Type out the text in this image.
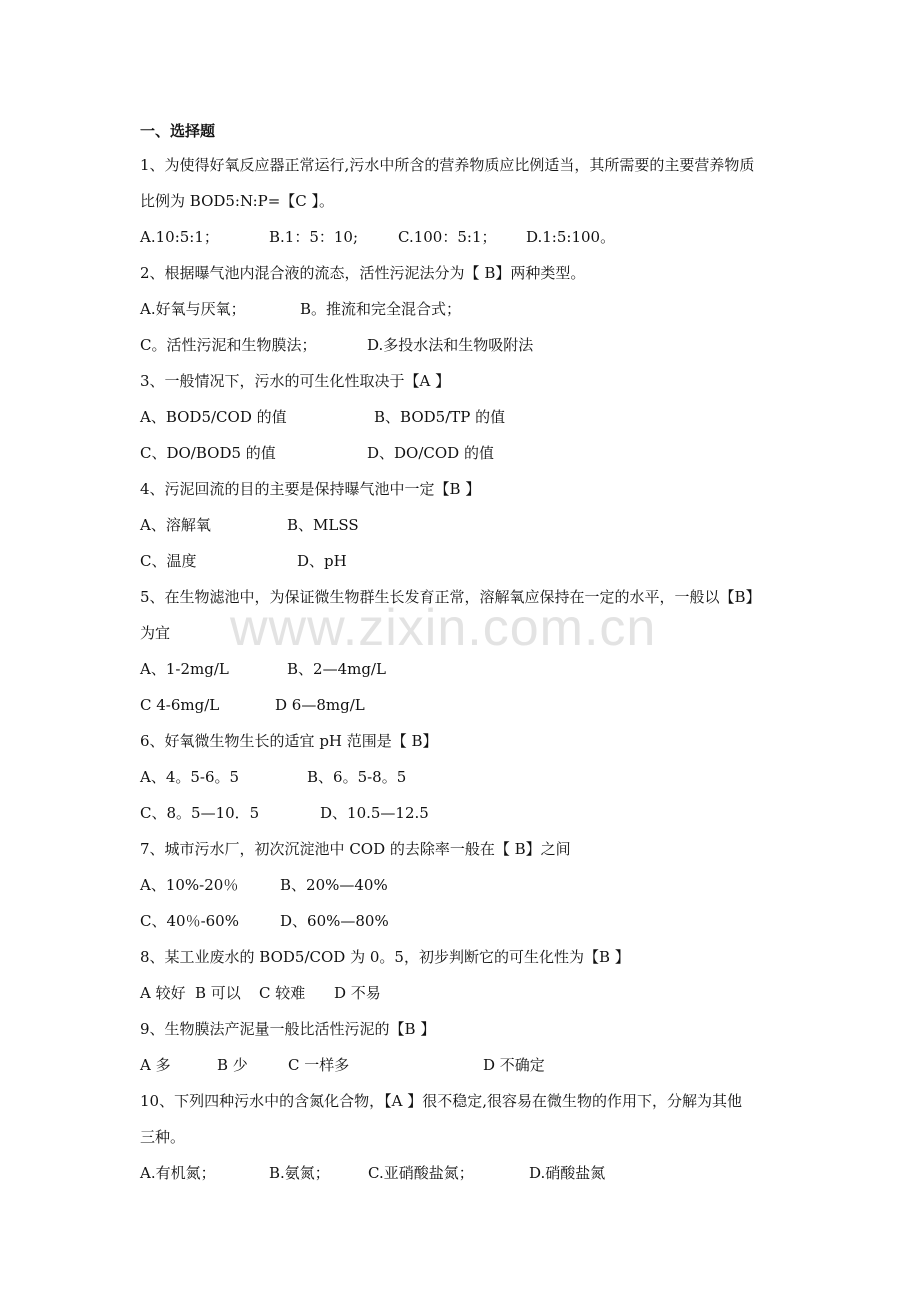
www.zixin.com.cn
一、选择题
1、为使得好氧反应器正常运行,污水中所含的营养物质应比例适当，其所需要的主要营养物质
比例为 BOD5:N:P=【C 】。
A.10:5:1；	B.1：5：10;	C.100：5:1； D.1:5:100。
2、根据曝气池内混合液的流态，活性污泥法分为【 B】两种类型。
A.好氧与厌氧；	B。推流和完全混合式；
C。活性污泥和生物膜法；	D.多投水法和生物吸附法
3、一般情况下，污水的可生化性取决于【A 】
A、BOD5/COD 的值	B、BOD5/TP 的值
C、DO/BOD5 的值	D、DO/COD 的值
4、污泥回流的目的主要是保持曝气池中一定【B 】
A、溶解氧	B、MLSS
C、温度	D、pH
5、在生物滤池中，为保证微生物群生长发育正常，溶解氧应保持在一定的水平，一般以【B】
为宜
A、1-2mg/L	B、2—4mg/L
C 4-6mg/L	D 6—8mg/L
6、好氧微生物生长的适宜 pH 范围是【 B】
A、4。5-6。5	B、6。5-8。5
C、8。5—10．5	D、10.5—12.5
7、城市污水厂，初次沉淀池中 COD 的去除率一般在【 B】之间
A、10%-20％	B、20%—40%
C、40％-60%	D、60%—80%
8、某工业废水的 BOD5/COD 为 0。5，初步判断它的可生化性为【B 】
A 较好 B 可以 C 较难 D 不易
9、生物膜法产泥量一般比活性污泥的【B 】
A 多	B 少	C 一样多	D 不确定
10、下列四种污水中的含氮化合物，【A 】很不稳定,很容易在微生物的作用下，分解为其他
三种。
A.有机氮；	B.氨氮；	C.亚硝酸盐氮；	D.硝酸盐氮
